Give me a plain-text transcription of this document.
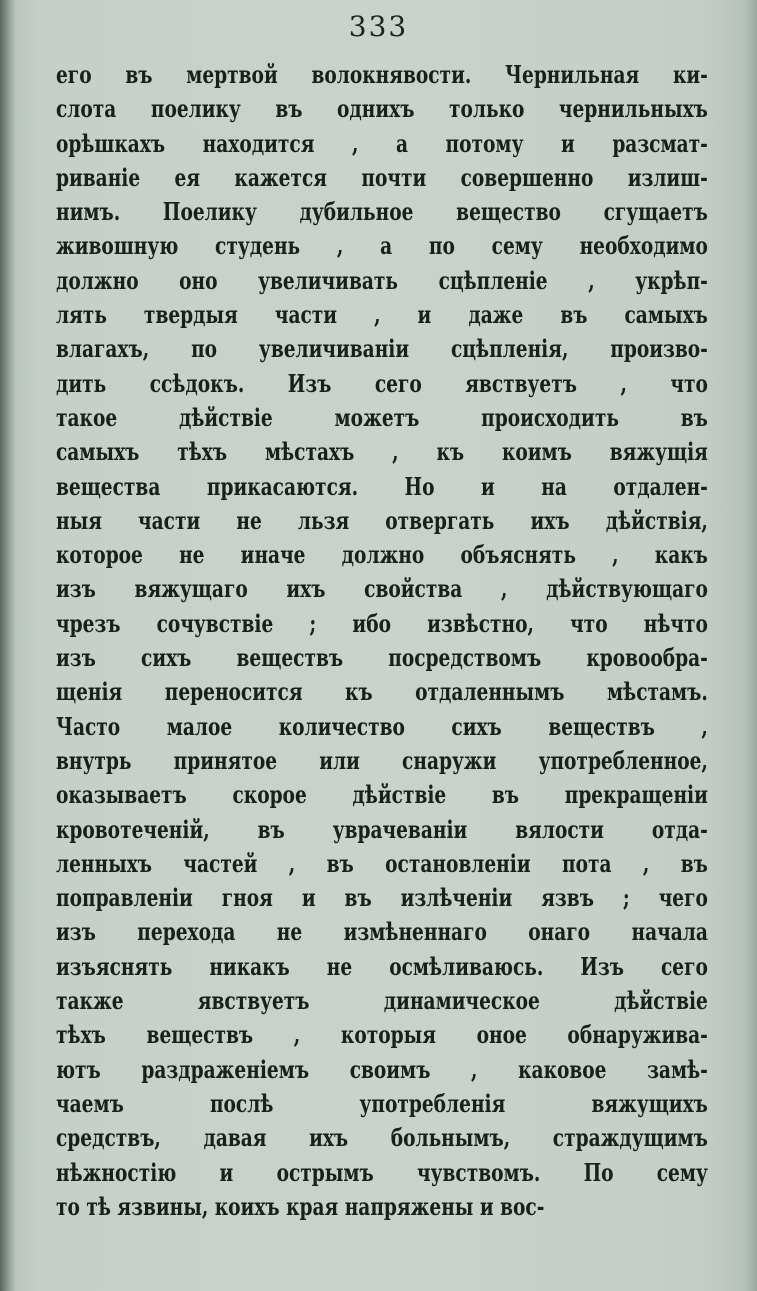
333
его въ мертвой волокнявости. Чернильная ки-
слота поелику въ однихъ только чернильныхъ
орѣшкахъ находится , а потому и разсмат-
риваніе ея кажется почти совершенно излиш-
нимъ. Поелику дубильное вещество сгущаетъ
живошную студень , а по сему необходимо
должно оно увеличивать сцѣпленіе , укрѣп-
лять твердыя части , и даже въ самыхъ
влагахъ, по увеличиваніи сцѣпленія, произво-
дить ссѣдокъ. Изъ сего явствуетъ , что
такое дѣйствіе можетъ происходить въ
самыхъ тѣхъ мѣстахъ , къ коимъ вяжущія
вещества прикасаются. Но и на отдален-
ныя части не льзя отвергать ихъ дѣйствія,
которое не иначе должно объяснять , какъ
изъ вяжущаго ихъ свойства , дѣйствующаго
чрезъ сочувствіе ; ибо извѣстно, что нѣчто
изъ сихъ веществъ посредствомъ кровообра-
щенія переносится къ отдаленнымъ мѣстамъ.
Часто малое количество сихъ веществъ ,
внутрь принятое или снаружи употребленное,
оказываетъ скорое дѣйствіе въ прекращеніи
кровотеченій, въ уврачеваніи вялости отда-
ленныхъ частей , въ остановленіи пота , въ
поправленіи гноя и въ излѣченіи язвъ ; чего
изъ перехода не измѣненнаго онаго начала
изъяснять никакъ не осмѣливаюсь. Изъ сего
также явствуетъ динамическое дѣйствіе
тѣхъ веществъ , которыя оное обнаружива-
ютъ раздраженіемъ своимъ , каковое замѣ-
чаемъ послѣ употребленія вяжущихъ
средствъ, давая ихъ больнымъ, страждущимъ
нѣжностію и острымъ чувствомъ. По сему
то тѣ язвины, коихъ края напряжены и вос-
